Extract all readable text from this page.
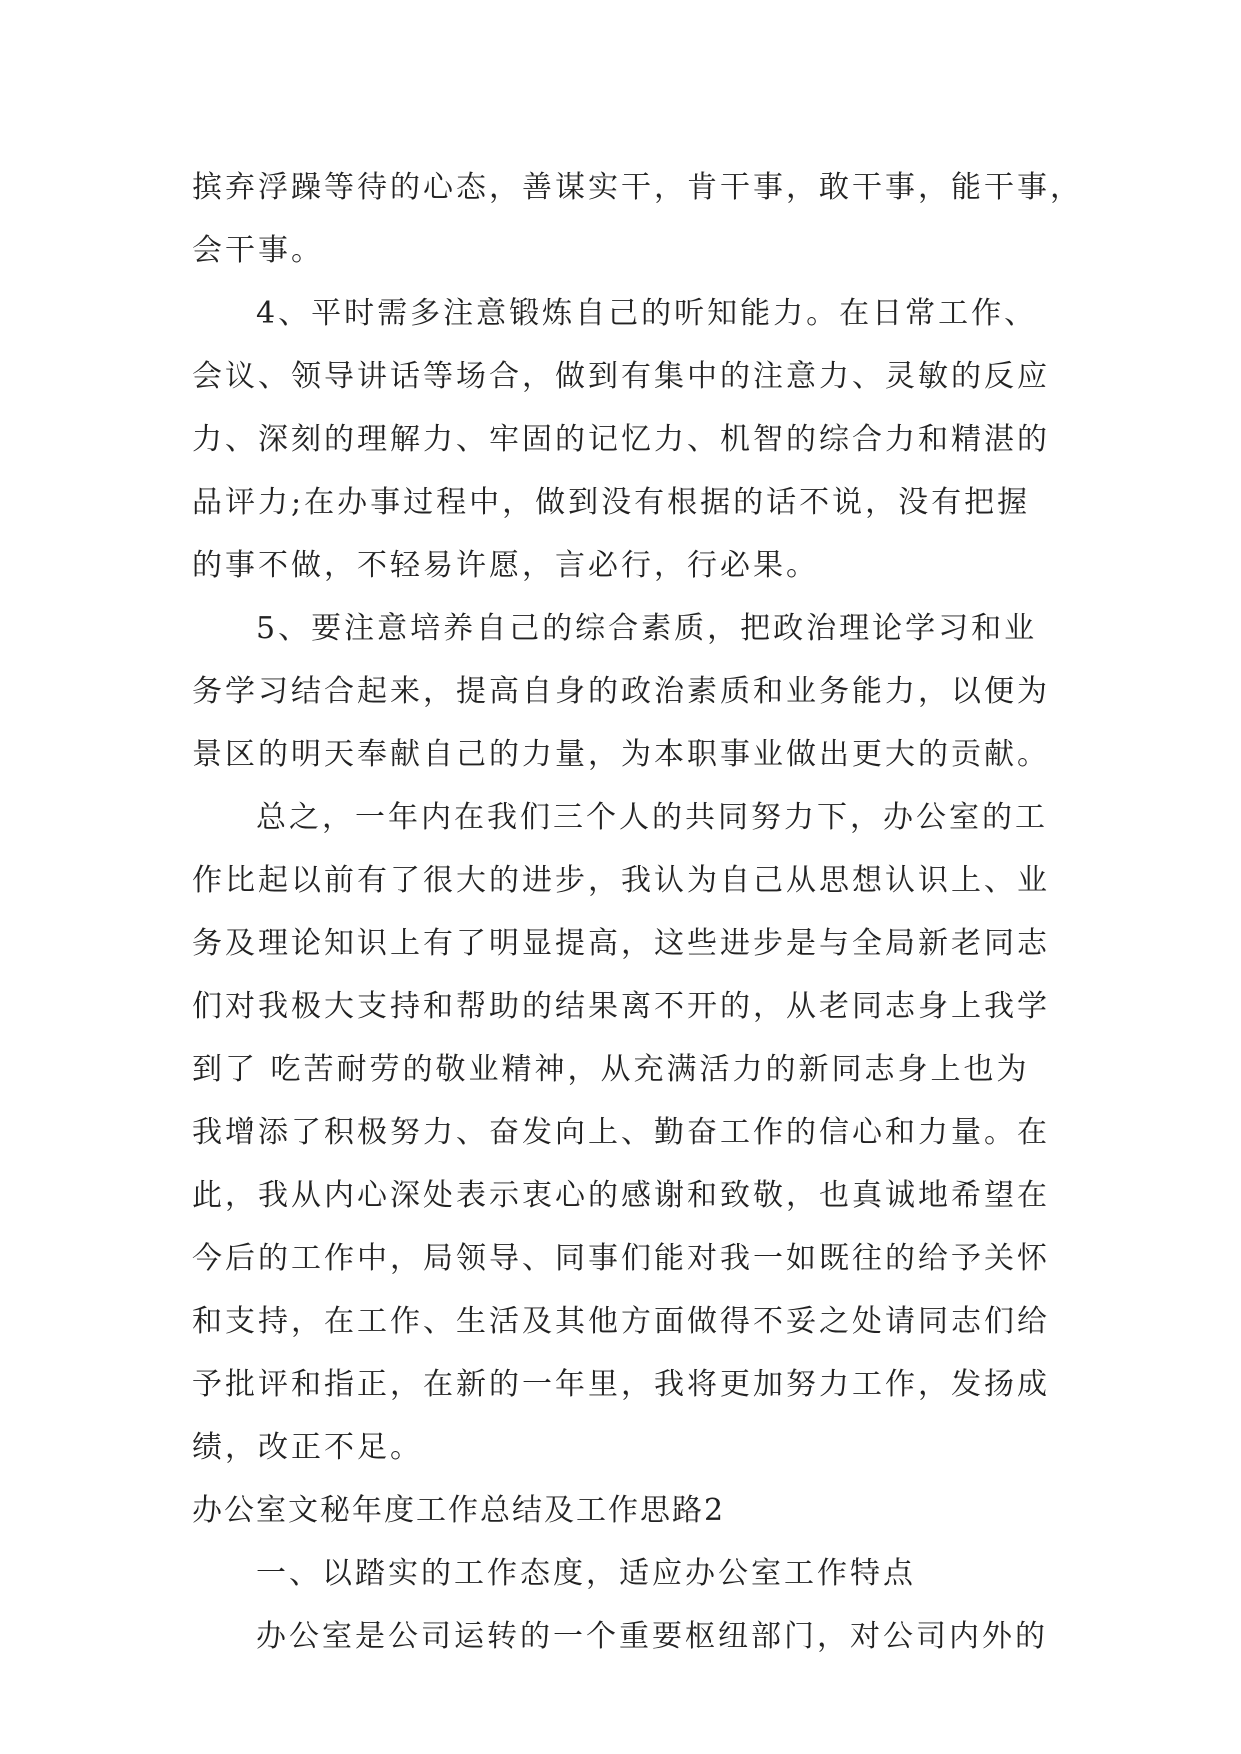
摈弃浮躁等待的心态，善谋实干，肯干事，敢干事，能干事，
会干事。
4、平时需多注意锻炼自己的听知能力。在日常工作、
会议、领导讲话等场合，做到有集中的注意力、灵敏的反应
力、深刻的理解力、牢固的记忆力、机智的综合力和精湛的
品评力;在办事过程中，做到没有根据的话不说，没有把握
的事不做，不轻易许愿，言必行，行必果。
5、要注意培养自己的综合素质，把政治理论学习和业
务学习结合起来，提高自身的政治素质和业务能力，以便为
景区的明天奉献自己的力量，为本职事业做出更大的贡献。
总之，一年内在我们三个人的共同努力下，办公室的工
作比起以前有了很大的进步，我认为自己从思想认识上、业
务及理论知识上有了明显提高，这些进步是与全局新老同志
们对我极大支持和帮助的结果离不开的，从老同志身上我学
到了 吃苦耐劳的敬业精神，从充满活力的新同志身上也为
我增添了积极努力、奋发向上、勤奋工作的信心和力量。在
此，我从内心深处表示衷心的感谢和致敬，也真诚地希望在
今后的工作中，局领导、同事们能对我一如既往的给予关怀
和支持，在工作、生活及其他方面做得不妥之处请同志们给
予批评和指正，在新的一年里，我将更加努力工作，发扬成
绩，改正不足。
办公室文秘年度工作总结及工作思路2
一、以踏实的工作态度，适应办公室工作特点
办公室是公司运转的一个重要枢纽部门，对公司内外的
